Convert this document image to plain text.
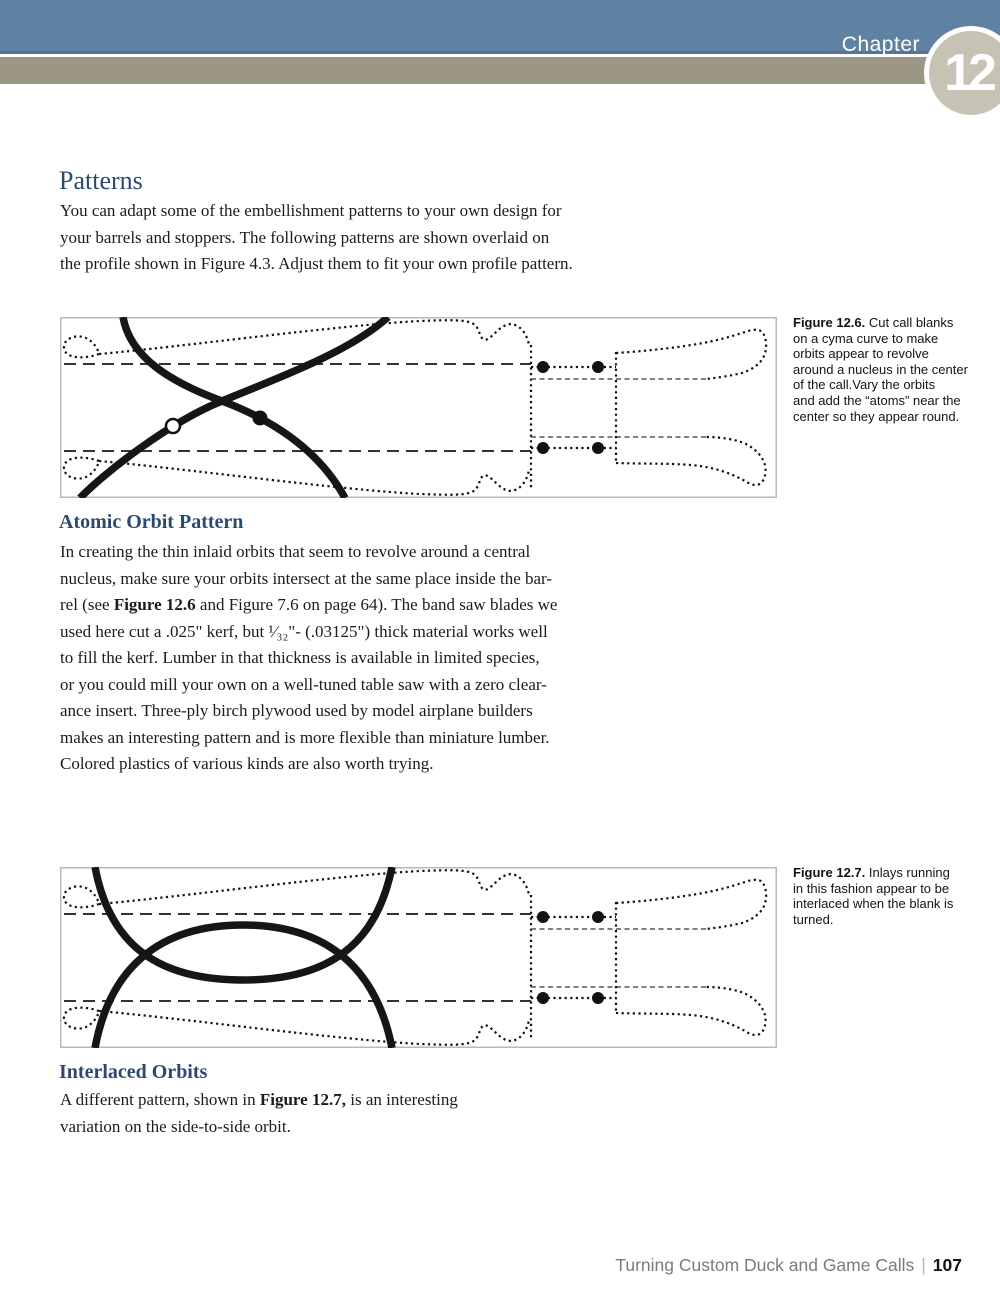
Chapter 12
Patterns
You can adapt some of the embellishment patterns to your own design for
your barrels and stoppers. The following patterns are shown overlaid on
the profile shown in Figure 4.3. Adjust them to fit your own profile pattern.
Figure 12.6. Cut call blanks
on a cyma curve to make
orbits appear to revolve
around a nucleus in the center
of the call.Vary the orbits
and add the “atoms” near the
center so they appear round.
Atomic Orbit Pattern
In creating the thin inlaid orbits that seem to revolve around a central
nucleus, make sure your orbits intersect at the same place inside the bar-
rel (see Figure 12.6 and Figure 7.6 on page 64). The band saw blades we
used here cut a .025" kerf, but ¹⁄₃₂"- (.03125") thick material works well
to fill the kerf. Lumber in that thickness is available in limited species,
or you could mill your own on a well-tuned table saw with a zero clear-
ance insert. Three-ply birch plywood used by model airplane builders
makes an interesting pattern and is more flexible than miniature lumber.
Colored plastics of various kinds are also worth trying.
Figure 12.7. Inlays running
in this fashion appear to be
interlaced when the blank is
turned.
Interlaced Orbits
A different pattern, shown in Figure 12.7, is an interesting
variation on the side-to-side orbit.
Turning Custom Duck and Game Calls | 107
